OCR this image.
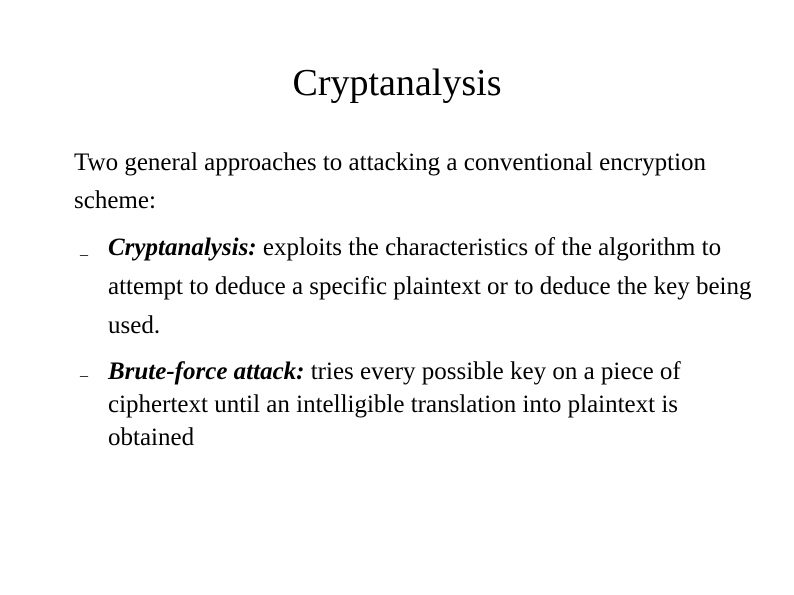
Cryptanalysis

Two general approaches to attacking a conventional encryption scheme:

_ Cryptanalysis: exploits the characteristics of the algorithm to attempt to deduce a specific plaintext or to deduce the key being used.
_ Brute-force attack: tries every possible key on a piece of ciphertext until an intelligible translation into plaintext is obtained
